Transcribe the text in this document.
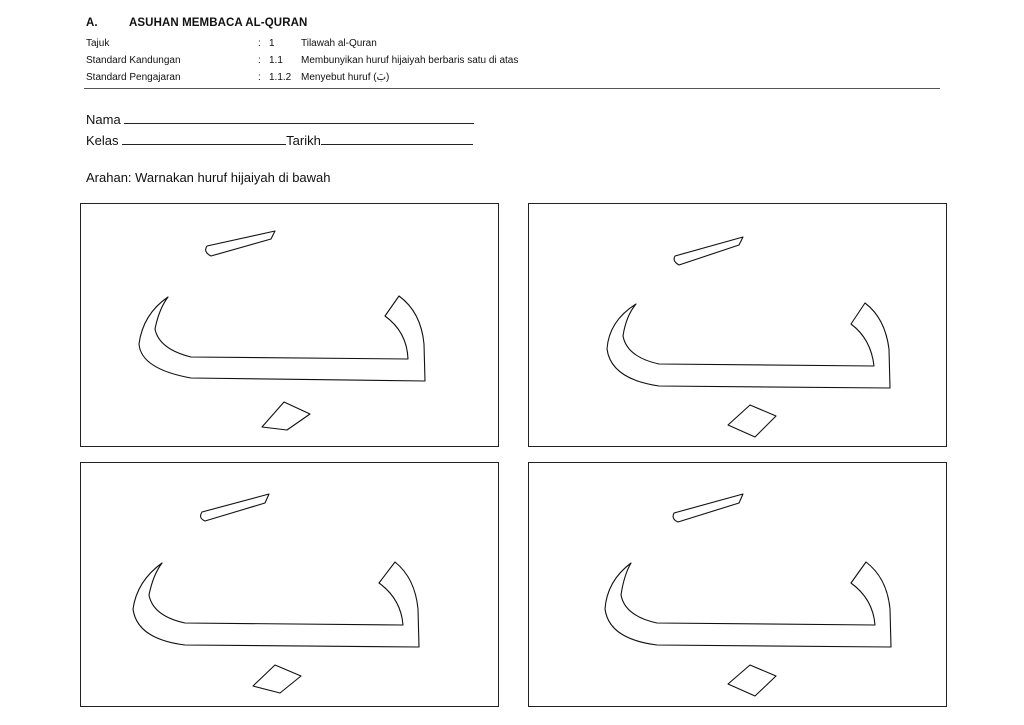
A.	ASUHAN MEMBACA AL-QURAN
Tajuk	: 1	Tilawah al-Quran
Standard Kandungan	: 1.1 Membunyikan huruf hijaiyah berbaris satu di atas
Standard Pengajaran	: 1.1.2 Menyebut huruf (بَ)
Nama
Kelas	Tarikh
Arahan: Warnakan huruf hijaiyah di bawah
